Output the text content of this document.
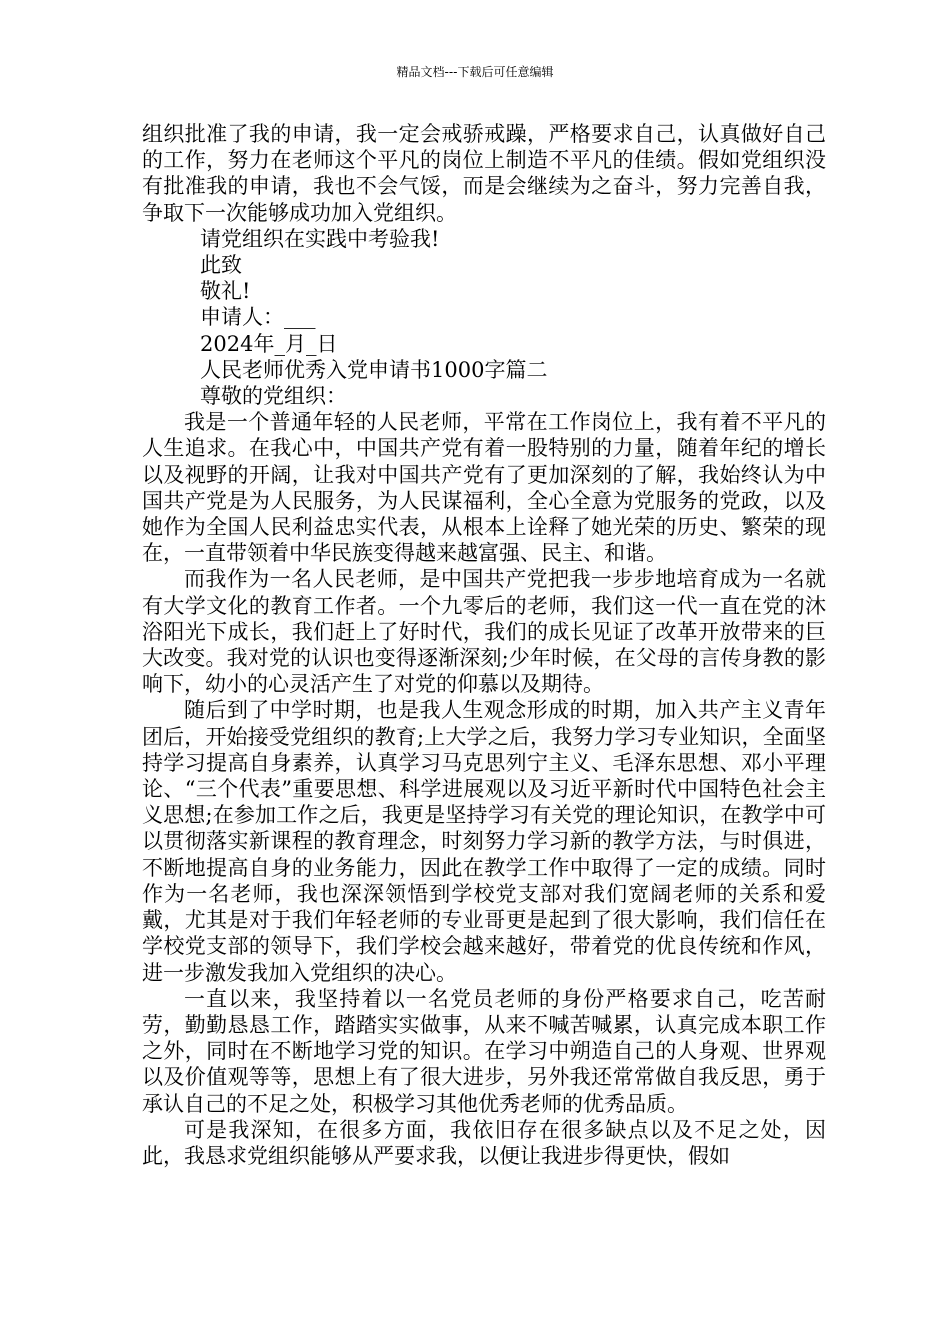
精品文档---下载后可任意编辑

组织批准了我的申请，我一定会戒骄戒躁，严格要求自己，认真做好自己的工作，努力在老师这个平凡的岗位上制造不平凡的佳绩。假如党组织没有批准我的申请，我也不会气馁，而是会继续为之奋斗，努力完善自我，争取下一次能够成功加入党组织。

请党组织在实践中考验我!

此致

敬礼!

申请人：___

2024年_月_日

人民老师优秀入党申请书1000字篇二

尊敬的党组织：

我是一个普通年轻的人民老师，平常在工作岗位上，我有着不平凡的人生追求。在我心中，中国共产党有着一股特别的力量，随着年纪的增长以及视野的开阔，让我对中国共产党有了更加深刻的了解，我始终认为中国共产党是为人民服务，为人民谋福利，全心全意为党服务的党政，以及她作为全国人民利益忠实代表，从根本上诠释了她光荣的历史、繁荣的现在，一直带领着中华民族变得越来越富强、民主、和谐。

而我作为一名人民老师，是中国共产党把我一步步地培育成为一名就有大学文化的教育工作者。一个九零后的老师，我们这一代一直在党的沐浴阳光下成长，我们赶上了好时代，我们的成长见证了改革开放带来的巨大改变。我对党的认识也变得逐渐深刻;少年时候，在父母的言传身教的影响下，幼小的心灵活产生了对党的仰慕以及期待。

随后到了中学时期，也是我人生观念形成的时期，加入共产主义青年团后，开始接受党组织的教育;上大学之后，我努力学习专业知识，全面坚持学习提高自身素养，认真学习马克思列宁主义、毛泽东思想、邓小平理论、“三个代表”重要思想、科学进展观以及习近平新时代中国特色社会主义思想;在参加工作之后，我更是坚持学习有关党的理论知识，在教学中可以贯彻落实新课程的教育理念，时刻努力学习新的教学方法，与时俱进，不断地提高自身的业务能力，因此在教学工作中取得了一定的成绩。同时作为一名老师，我也深深领悟到学校党支部对我们宽阔老师的关系和爱戴，尤其是对于我们年轻老师的专业哥更是起到了很大影响，我们信任在学校党支部的领导下，我们学校会越来越好，带着党的优良传统和作风，进一步激发我加入党组织的决心。

一直以来，我坚持着以一名党员老师的身份严格要求自己，吃苦耐劳，勤勤恳恳工作，踏踏实实做事，从来不喊苦喊累，认真完成本职工作之外，同时在不断地学习党的知识。在学习中朔造自己的人身观、世界观以及价值观等等，思想上有了很大进步，另外我还常常做自我反思，勇于承认自己的不足之处，积极学习其他优秀老师的优秀品质。

可是我深知，在很多方面，我依旧存在很多缺点以及不足之处，因此，我恳求党组织能够从严要求我，以便让我进步得更快，假如
